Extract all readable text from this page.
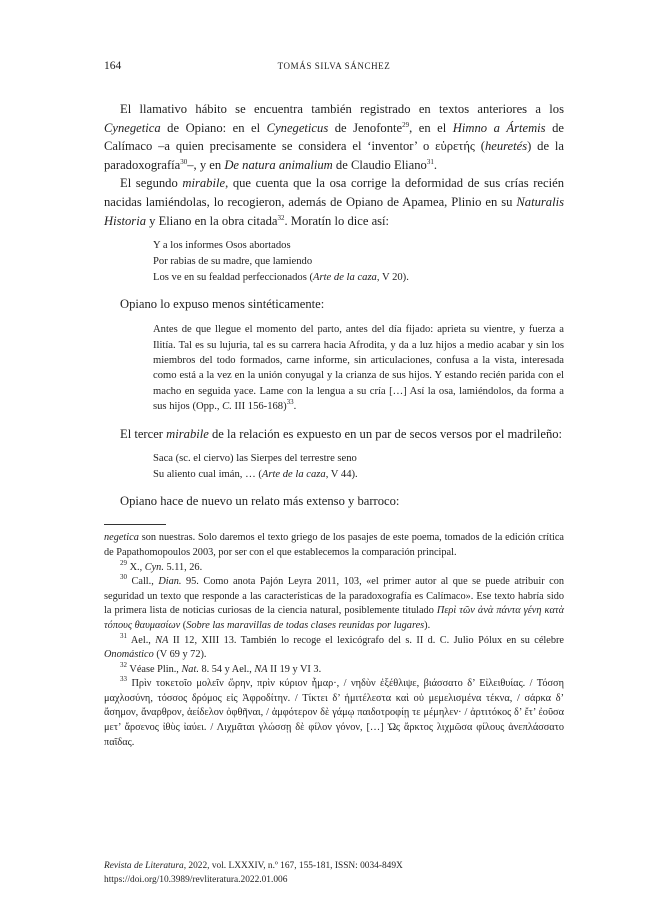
164	TOMÁS SILVA SÁNCHEZ

El llamativo hábito se encuentra también registrado en textos anteriores a los Cynegetica de Opiano: en el Cynegeticus de Jenofonte$^{29}$, en el Himno a Ártemis de Calímaco –a quien precisamente se considera el ‘inventor’ o εὑρετής (heuretés) de la paradoxografía$^{30}$–, y en De natura animalium de Claudio Eliano$^{31}$.

El segundo mirabile, que cuenta que la osa corrige la deformidad de sus crías recién nacidas lamiéndolas, lo recogieron, además de Opiano de Apamea, Plinio en su Naturalis Historia y Eliano en la obra citada$^{32}$. Moratín lo dice así:

Y a los informes Osos abortados
Por rabias de su madre, que lamiendo
Los ve en su fealdad perfeccionados (Arte de la caza, V 20).

Opiano lo expuso menos sintéticamente:

Antes de que llegue el momento del parto, antes del día fijado: aprieta su vientre, y fuerza a Ilitía. Tal es su lujuria, tal es su carrera hacia Afrodita, y da a luz hijos a medio acabar y sin los miembros del todo formados, carne informe, sin articulaciones, confusa a la vista, interesada como está a la vez en la unión conyugal y la crianza de sus hijos. Y estando recién parida con el macho en seguida yace. Lame con la lengua a su cría […] Así la osa, lamiéndolos, da forma a sus hijos (Opp., C. III 156-168)$^{33}$.

El tercer mirabile de la relación es expuesto en un par de secos versos por el madrileño:

Saca (sc. el ciervo) las Sierpes del terrestre seno
Su aliento cual imán, … (Arte de la caza, V 44).

Opiano hace de nuevo un relato más extenso y barroco:

negetica son nuestras. Solo daremos el texto griego de los pasajes de este poema, tomados de la edición crítica de Papathomopoulos 2003, por ser con el que establecemos la comparación principal.

$^{29}$ X., Cyn. 5.11, 26.

$^{30}$ Call., Dian. 95. Como anota Pajón Leyra 2011, 103, «el primer autor al que se puede atribuir con seguridad un texto que responde a las características de la paradoxografía es Calímaco». Ese texto habría sido la primera lista de noticias curiosas de la ciencia natural, posiblemente titulado Περὶ τῶν ἀνὰ πάντα γένη κατὰ τόπους θαυμασίων (Sobre las maravillas de todas clases reunidas por lugares).

$^{31}$ Ael., NA II 12, XIII 13. También lo recoge el lexicógrafo del s. II d. C. Julio Pólux en su célebre Onomástico (V 69 y 72).

$^{32}$ Véase Plin., Nat. 8. 54 y Ael., NA II 19 y VI 3.

$^{33}$ Πρὶν τοκετοῖο μολεῖν ὥρην, πρὶν κύριον ἦμαρ·, / νηδὺν ἐξέθλιψε, βιάσσατο δ’ Εἰλειθυίας. / Τόσση μαχλοσύνη, τόσσος δρόμος εἰς Ἀφροδίτην. / Τίκτει δ’ ἡμιτέλεστα καὶ οὐ μεμελισμένα τέκνα, / σάρκα δ’ ἄσημον, ἄναρθρον, ἀείδελον ὀφθῆναι, / ἀμφότερον δὲ γάμῳ παιδοτροφίῃ τε μέμηλεν· / ἀρτιτόκος δ’ ἔτ’ ἐοῦσα μετ’ ἄρσενος ἰθὺς ἰαύει. / Λιχμᾶται γλώσσῃ δὲ φίλον γόνον, […] Ὡς ἄρκτος λιχμῶσα φίλους ἀνεπλάσσατο παῖδας.

Revista de Literatura, 2022, vol. LXXXIV, n.º 167, 155-181, ISSN: 0034-849X
https://doi.org/10.3989/revliteratura.2022.01.006
